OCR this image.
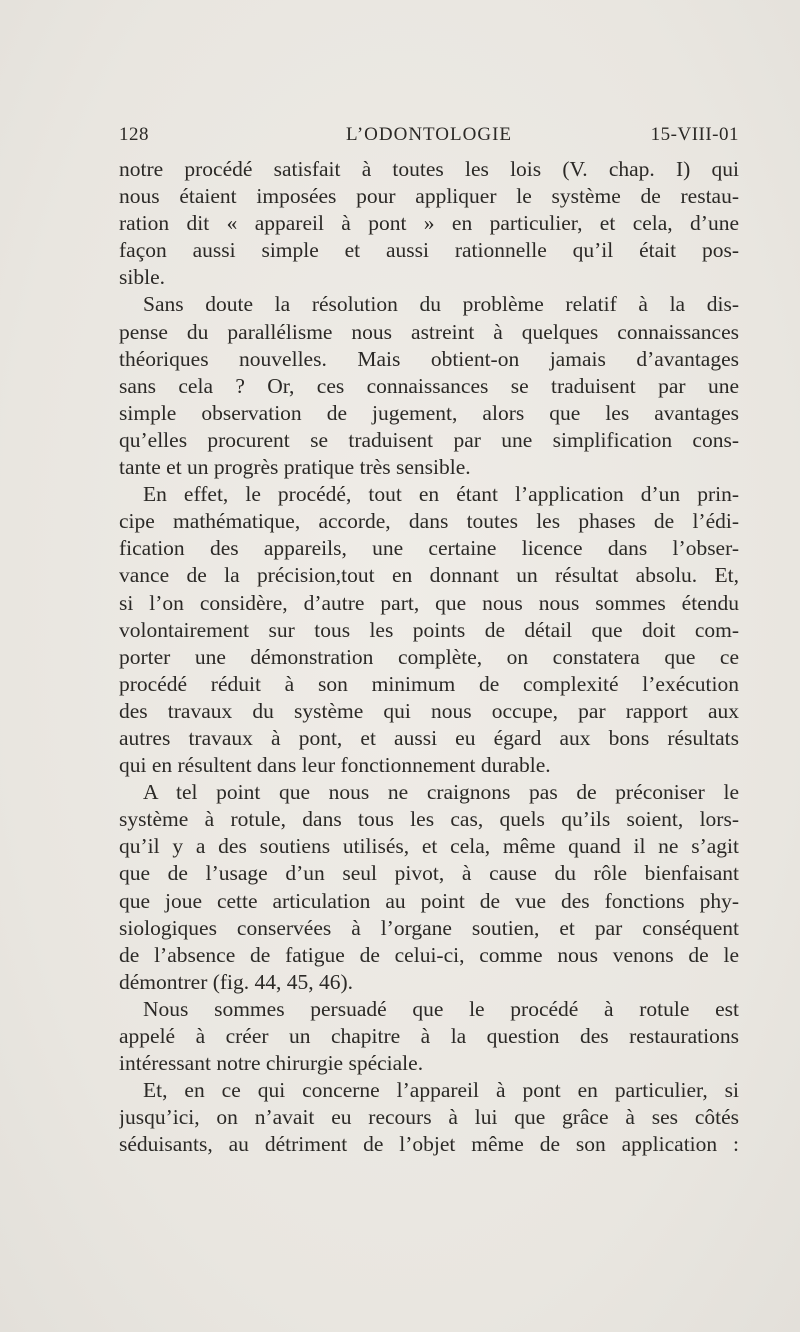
128	L’ODONTOLOGIE	15-VIII-01
notre procédé satisfait à toutes les lois (V. chap. I) qui
nous étaient imposées pour appliquer le système de restau-
ration dit « appareil à pont » en particulier, et cela, d’une
façon aussi simple et aussi rationnelle qu’il était pos-
sible.
Sans doute la résolution du problème relatif à la dis-
pense du parallélisme nous astreint à quelques connaissances
théoriques nouvelles. Mais obtient-on jamais d’avantages
sans cela ? Or, ces connaissances se traduisent par une
simple observation de jugement, alors que les avantages
qu’elles procurent se traduisent par une simplification cons-
tante et un progrès pratique très sensible.
En effet, le procédé, tout en étant l’application d’un prin-
cipe mathématique, accorde, dans toutes les phases de l’édi-
fication des appareils, une certaine licence dans l’obser-
vance de la précision,tout en donnant un résultat absolu. Et,
si l’on considère, d’autre part, que nous nous sommes étendu
volontairement sur tous les points de détail que doit com-
porter une démonstration complète, on constatera que ce
procédé réduit à son minimum de complexité l’exécution
des travaux du système qui nous occupe, par rapport aux
autres travaux à pont, et aussi eu égard aux bons résultats
qui en résultent dans leur fonctionnement durable.
A tel point que nous ne craignons pas de préconiser le
système à rotule, dans tous les cas, quels qu’ils soient, lors-
qu’il y a des soutiens utilisés, et cela, même quand il ne s’agit
que de l’usage d’un seul pivot, à cause du rôle bienfaisant
que joue cette articulation au point de vue des fonctions phy-
siologiques conservées à l’organe soutien, et par conséquent
de l’absence de fatigue de celui-ci, comme nous venons de le
démontrer (fig. 44, 45, 46).
Nous sommes persuadé que le procédé à rotule est
appelé à créer un chapitre à la question des restaurations
intéressant notre chirurgie spéciale.
Et, en ce qui concerne l’appareil à pont en particulier, si
jusqu’ici, on n’avait eu recours à lui que grâce à ses côtés
séduisants, au détriment de l’objet même de son application :
